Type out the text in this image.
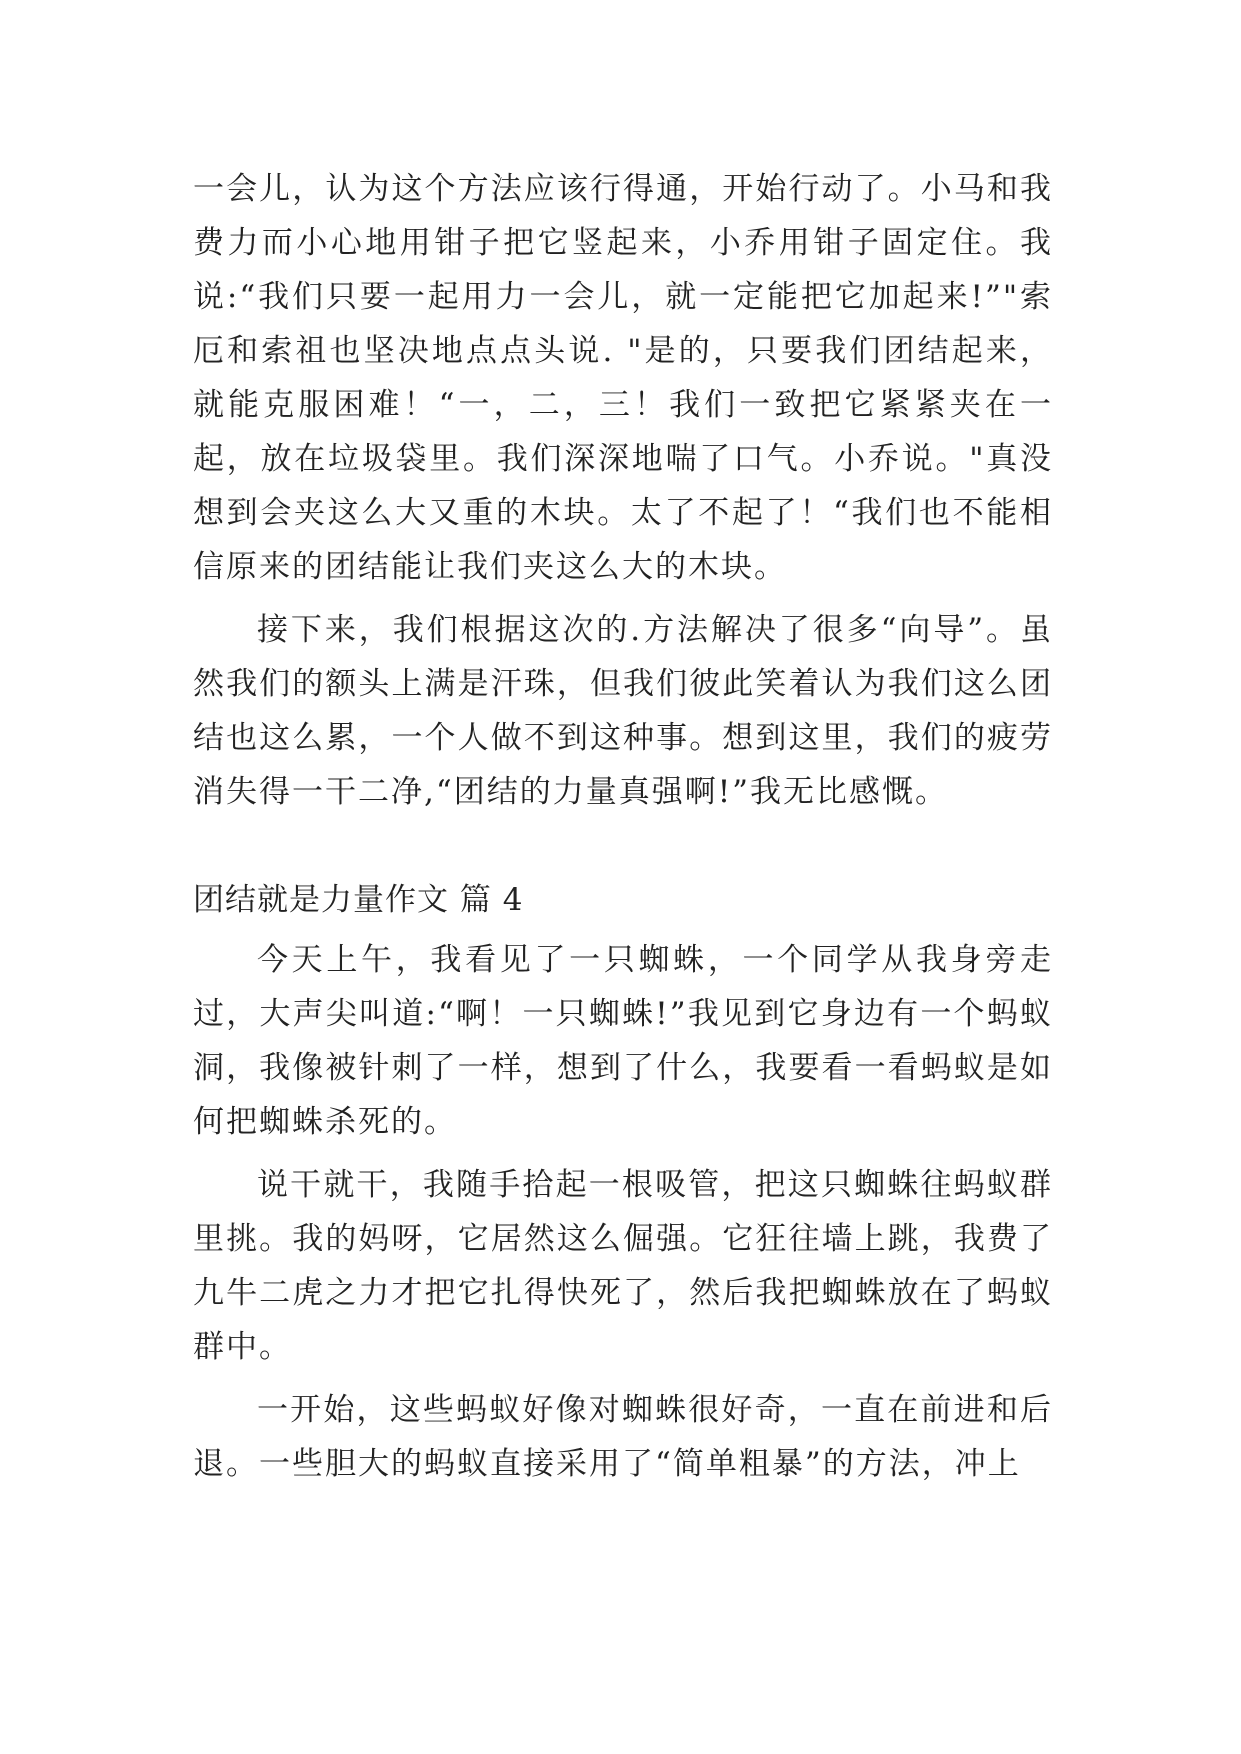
一会儿，认为这个方法应该行得通，开始行动了。小马和我费力而小心地用钳子把它竖起来，小乔用钳子固定住。我说:“我们只要一起用力一会儿，就一定能把它加起来!”"索厄和索祖也坚决地点点头说. "是的，只要我们团结起来，就能克服困难！“一，二，三！我们一致把它紧紧夹在一起，放在垃圾袋里。我们深深地喘了口气。小乔说。"真没想到会夹这么大又重的木块。太了不起了！“我们也不能相信原来的团结能让我们夹这么大的木块。

接下来，我们根据这次的.方法解决了很多“向导”。虽然我们的额头上满是汗珠，但我们彼此笑着认为我们这么团结也这么累，一个人做不到这种事。想到这里，我们的疲劳消失得一干二净,“团结的力量真强啊!”我无比感慨。

团结就是力量作文 篇 4

今天上午，我看见了一只蜘蛛，一个同学从我身旁走过，大声尖叫道:“啊！一只蜘蛛!”我见到它身边有一个蚂蚁洞，我像被针刺了一样，想到了什么，我要看一看蚂蚁是如何把蜘蛛杀死的。

说干就干，我随手拾起一根吸管，把这只蜘蛛往蚂蚁群里挑。我的妈呀，它居然这么倔强。它狂往墙上跳，我费了九牛二虎之力才把它扎得快死了，然后我把蜘蛛放在了蚂蚁群中。

一开始，这些蚂蚁好像对蜘蛛很好奇，一直在前进和后退。一些胆大的蚂蚁直接采用了“简单粗暴”的方法，冲上
